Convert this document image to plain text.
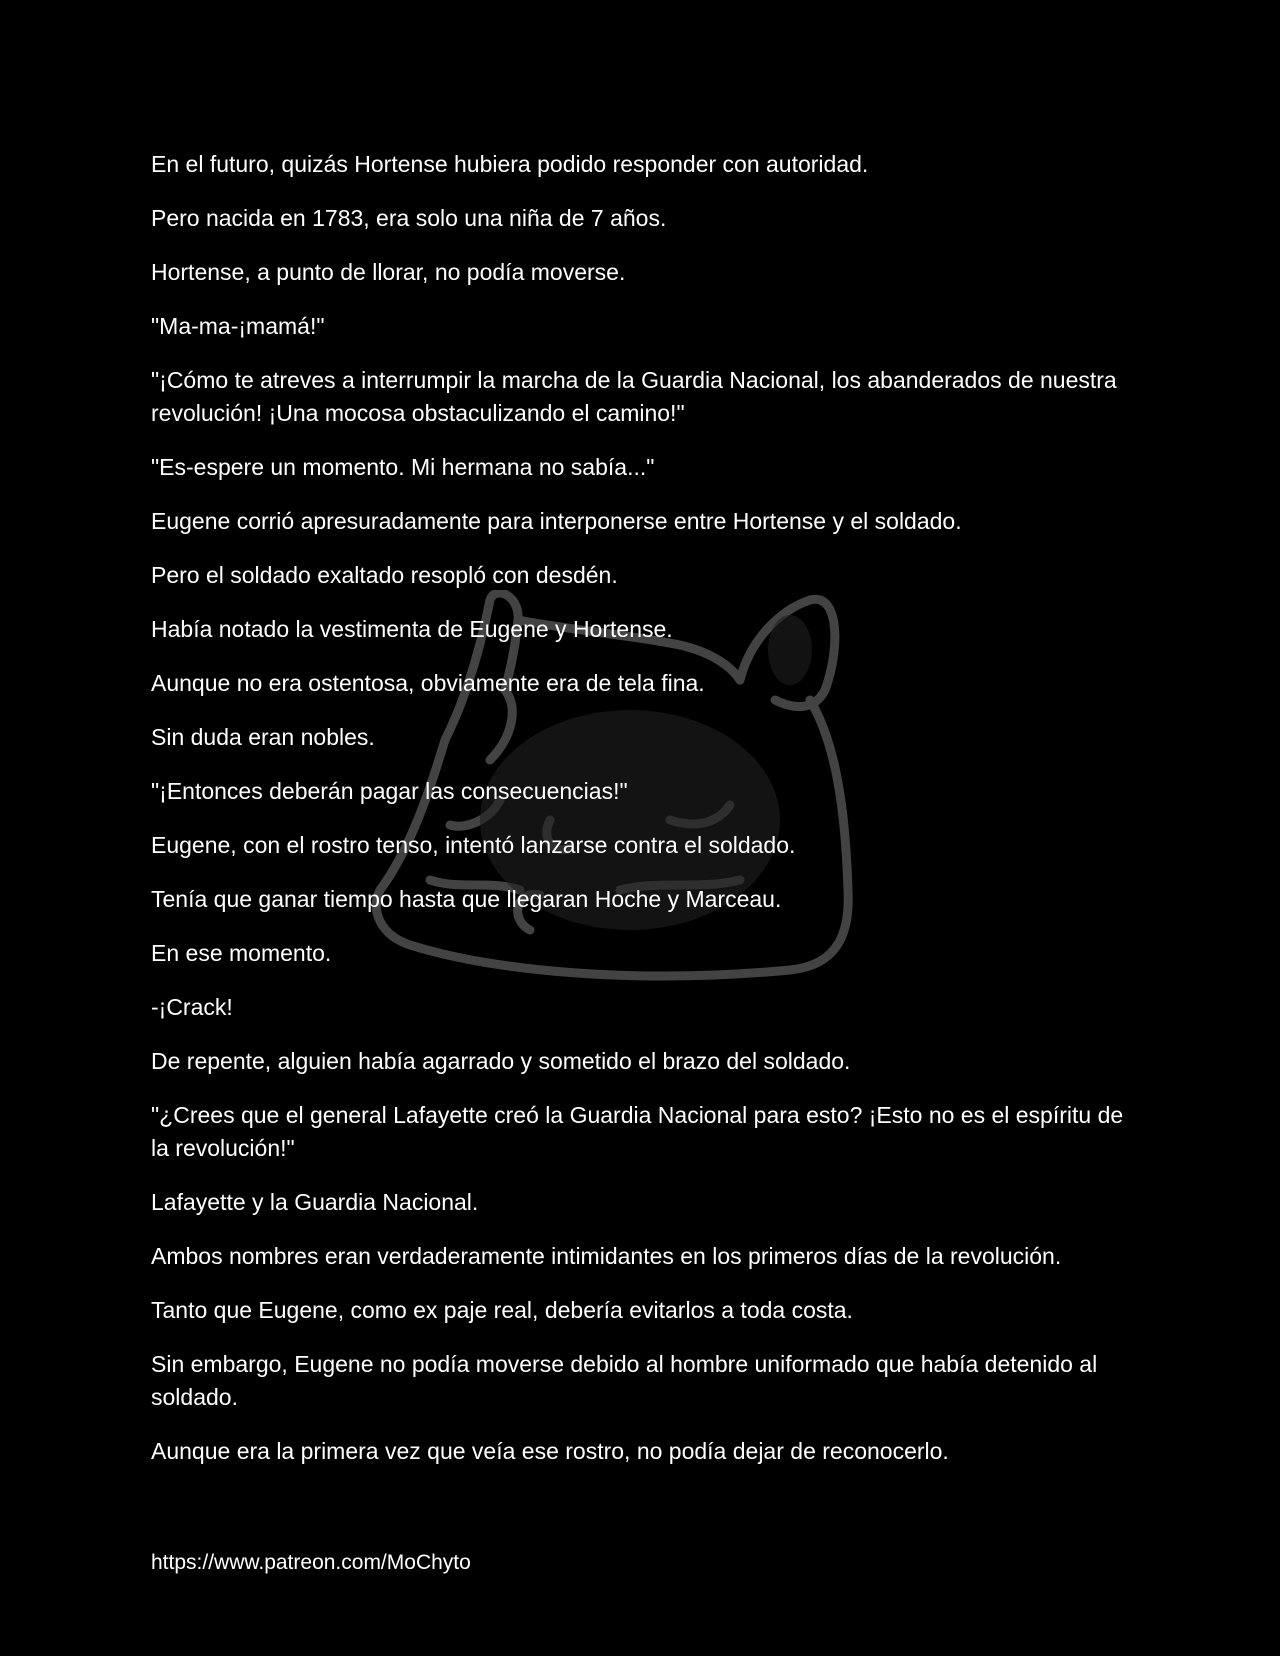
En el futuro, quizás Hortense hubiera podido responder con autoridad.

Pero nacida en 1783, era solo una niña de 7 años.

Hortense, a punto de llorar, no podía moverse.

"Ma-ma-¡mamá!"

"¡Cómo te atreves a interrumpir la marcha de la Guardia Nacional, los abanderados de nuestra revolución! ¡Una mocosa obstaculizando el camino!"

"Es-espere un momento. Mi hermana no sabía..."

Eugene corrió apresuradamente para interponerse entre Hortense y el soldado.

Pero el soldado exaltado resopló con desdén.

Había notado la vestimenta de Eugene y Hortense.

Aunque no era ostentosa, obviamente era de tela fina.

Sin duda eran nobles.

"¡Entonces deberán pagar las consecuencias!"

Eugene, con el rostro tenso, intentó lanzarse contra el soldado.

Tenía que ganar tiempo hasta que llegaran Hoche y Marceau.

En ese momento.

-¡Crack!

De repente, alguien había agarrado y sometido el brazo del soldado.

"¿Crees que el general Lafayette creó la Guardia Nacional para esto? ¡Esto no es el espíritu de la revolución!"

Lafayette y la Guardia Nacional.

Ambos nombres eran verdaderamente intimidantes en los primeros días de la revolución.

Tanto que Eugene, como ex paje real, debería evitarlos a toda costa.

Sin embargo, Eugene no podía moverse debido al hombre uniformado que había detenido al soldado.

Aunque era la primera vez que veía ese rostro, no podía dejar de reconocerlo.

https://www.patreon.com/MoChyto
